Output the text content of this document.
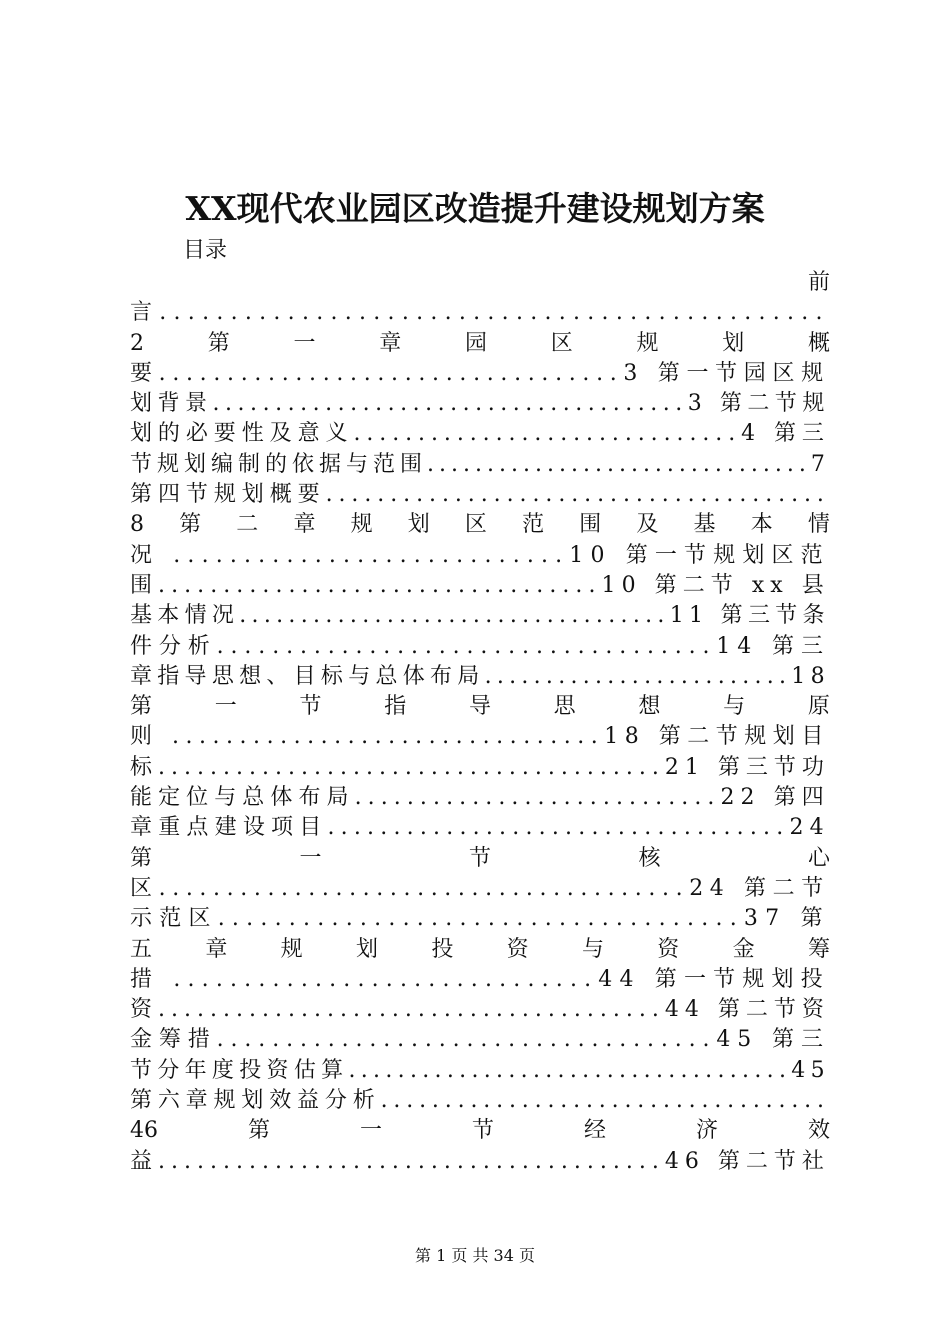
XX现代农业园区改造提升建设规划方案
目录
前
言...............................................
2	第	一	章	园	区	规	划	概
要..................................3 第一节园区规
划背景......................................3 第二节规
划的必要性及意义..............................4 第三
节规划编制的依据与范围................................7
第四节规划概要.......................................
8 第 二 章 规 划 区 范 围 及 基 本 情
况 ............................10 第一节规划区范
围..................................10 第二节 xx 县
基本情况...................................11 第三节条
件分析....................................14 第三
章指导思想、目标与总体布局.........................18
第	一	节	指	导	思	想	与	原
则 ................................18 第二节规划目
标.......................................21 第三节功
能定位与总体布局............................22 第四
章重点建设项目...................................24
第	一	节	核	心
区.......................................24 第二节
示范区.....................................37 第
五 章 规 划 投 资 与 资 金 筹
措 ..............................44 第一节规划投
资.......................................44 第二节资
金筹措....................................45 第三
节分年度投资估算....................................45
第六章规划效益分析...................................
46	第	一	节	经	济	效
益.......................................46 第二节社
第 1 页 共 34 页
